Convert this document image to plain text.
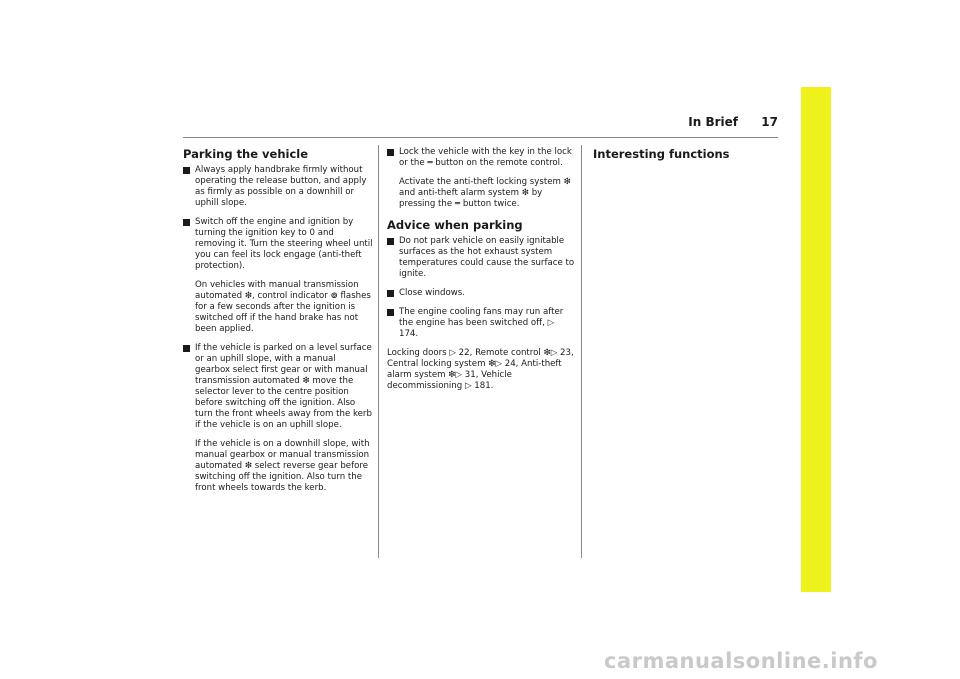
In Brief 17
Parking the vehicle
Always apply handbrake firmly without operating the release button, and apply as firmly as possible on a downhill or uphill slope.
Switch off the engine and ignition by turning the ignition key to 0 and removing it. Turn the steering wheel until you can feel its lock engage (anti-theft protection).
On vehicles with manual transmission automated ❇, control indicator ⊚ flashes for a few seconds after the ignition is switched off if the hand brake has not been applied.
If the vehicle is parked on a level surface or an uphill slope, with a manual gearbox select first gear or with manual transmission automated ❇ move the selector lever to the centre position before switching off the ignition. Also turn the front wheels away from the kerb if the vehicle is on an uphill slope.
If the vehicle is on a downhill slope, with manual gearbox or manual transmission automated ❇ select reverse gear before switching off the ignition. Also turn the front wheels towards the kerb.
Lock the vehicle with the key in the lock or the ═ button on the remote control.
Activate the anti-theft locking system ❇ and anti-theft alarm system ❇ by pressing the ═ button twice.
Advice when parking
Do not park vehicle on easily ignitable surfaces as the hot exhaust system temperatures could cause the surface to ignite.
Close windows.
The engine cooling fans may run after the engine has been switched off, ▷ 174.

Locking doors ▷ 22, Remote control ❇▷ 23, Central locking system ❇▷ 24, Anti-theft alarm system ❇▷ 31, Vehicle decommissioning ▷ 181.

Interesting functions
carmanualsonline.info
